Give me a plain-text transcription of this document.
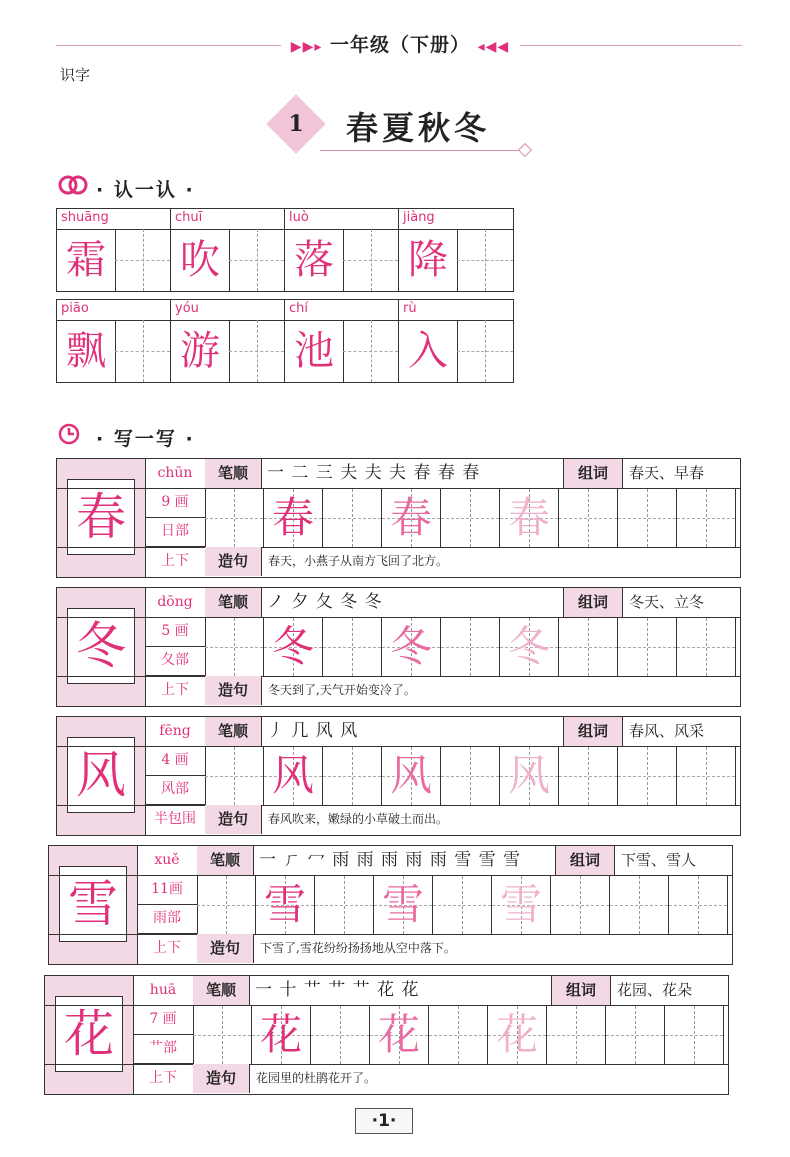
▶▶▸ 一年级（下册） ◂◀◀
识字
1	春夏秋冬
· 认一认 ·
shuāng
霜
chuī
吹
luò
落
jiàng
降
piāo
飘
yóu
游
chí
池
rù
入
· 写一写 ·
春
chūn
9 画
日部
上下
笔顺	一 二 三 夫 夫 夫 春 春 春	组词	春天、早春
春 春 春
造句	春天，小燕子从南方飞回了北方。
冬
dōng
5 画
夂部
上下
笔顺	ノ 夕 夂 冬 冬	组词	冬天、立冬
冬 冬 冬
造句	冬天到了,天气开始变冷了。
风
fēng
4 画
风部
半包围
笔顺	丿 几 风 风	组词	春风、风采
风 风 风
造句	春风吹来，嫩绿的小草破土而出。
雪
xuě
11画
雨部
上下
笔顺	一 ㄏ 冖 雨 雨 雨 雨 雨 雪 雪 雪	组词	下雪、雪人
雪 雪 雪
造句	下雪了,雪花纷纷扬扬地从空中落下。
花
huā
7 画
艹部
上下
笔顺	一 十 艹 艹 艹 花 花	组词	花园、花朵
花 花 花
造句	花园里的杜鹃花开了。
·1·
